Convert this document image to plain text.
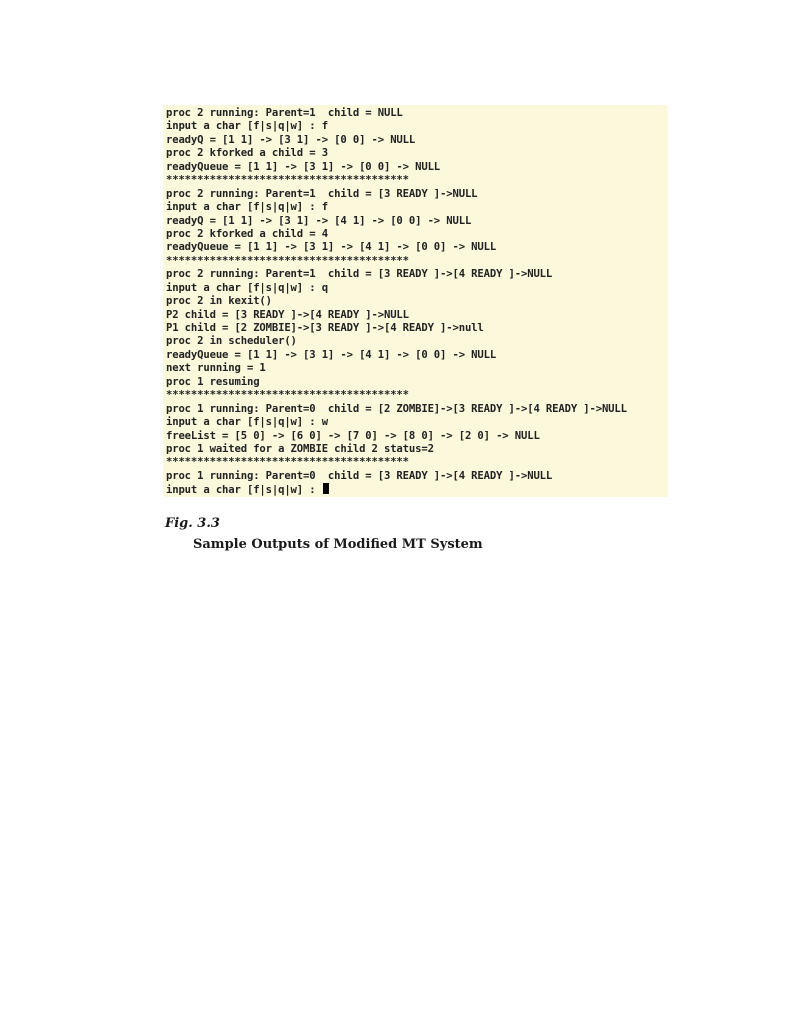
proc 2 running: Parent=1  child = NULL
input a char [f|s|q|w] : f
readyQ = [1 1] -> [3 1] -> [0 0] -> NULL
proc 2 kforked a child = 3
readyQueue = [1 1] -> [3 1] -> [0 0] -> NULL
***************************************
proc 2 running: Parent=1  child = [3 READY ]->NULL
input a char [f|s|q|w] : f
readyQ = [1 1] -> [3 1] -> [4 1] -> [0 0] -> NULL
proc 2 kforked a child = 4
readyQueue = [1 1] -> [3 1] -> [4 1] -> [0 0] -> NULL
***************************************
proc 2 running: Parent=1  child = [3 READY ]->[4 READY ]->NULL
input a char [f|s|q|w] : q
proc 2 in kexit()
P2 child = [3 READY ]->[4 READY ]->NULL
P1 child = [2 ZOMBIE]->[3 READY ]->[4 READY ]->null
proc 2 in scheduler()
readyQueue = [1 1] -> [3 1] -> [4 1] -> [0 0] -> NULL
next running = 1
proc 1 resuming
***************************************
proc 1 running: Parent=0  child = [2 ZOMBIE]->[3 READY ]->[4 READY ]->NULL
input a char [f|s|q|w] : w
freeList = [5 0] -> [6 0] -> [7 0] -> [8 0] -> [2 0] -> NULL
proc 1 waited for a ZOMBIE child 2 status=2
***************************************
proc 1 running: Parent=0  child = [3 READY ]->[4 READY ]->NULL
input a char [f|s|q|w] :
Fig. 3.3
Sample Outputs of Modified MT System
